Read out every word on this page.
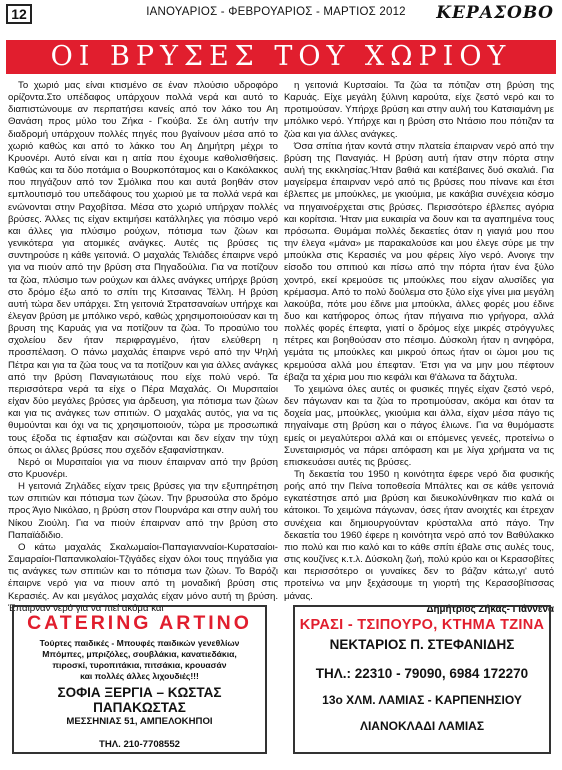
12	ΙΑΝΟΥΑΡΙΟΣ - ΦΕΒΡΟΥΑΡΙΟΣ - ΜΑΡΤΙΟΣ 2012	ΚΕΡΑΣΟΒΟ
ΟΙ ΒΡΥΣΕΣ ΤΟΥ ΧΩΡΙΟΥ ΜΑΣ

Το χωριό μας είναι κτισμένο σε έναν πλούσιο υδροφόρο ορίζοντα.Στο υπέδαφος υπάρχουν πολλά νερά και αυτό το διαπιστώνουμε αν περπατήσει κανείς από τον λάκο του Αη Θανάση προς μύλο του Ζήκα - Γκούβα. Σε όλη αυτήν την διαδρομή υπάρχουν πολλές πηγές που βγαίνουν μέσα από το χωριό καθώς και από το λάκκο του Αη Δημήτρη μέχρι το Κρυονέρι. Αυτό είναι και η αιτία που έχουμε καθολισθήσεις. Καθώς και τα δύο ποτάμια ο Βουρκοπόταμος και ο Κακόλακκος που πηγάζουν από τον Σμόλικα που και αυτά βοηθάν στον εμπλουτισμό του υπεδάφους του χωριού με τα πολλά νερά και ενώνονται στην Ραχοβίτσα. Μέσα στο χωριό υπήρχαν πολλές βρύσες. Άλλες τις είχαν εκτιμήσει κατάλληλες για πόσιμο νερό και άλλες για πλύσιμο ρούχων, πότισμα των ζώων και γενικότερα για ατομικές ανάγκες. Αυτές τις βρύσες τις συντηρούσε η κάθε γειτονιά. Ο μαχαλάς Τελιάδες έπαιρνε νερό για να πιούν από την βρύση στα Πηγαδούλια. Για να ποτίζουν τα ζώα, πλύσιμο των ρούχων και άλλες ανάγκες υπήρχε βρύση στο δρόμο έξω από το σπίτι της Κιτσαινας Τέλλη. Η βρύση αυτή τώρα δεν υπάρχει. Στη γειτονιά Στρατσαναίων υπήρχε και έλεγαν βρύση με μπόλικο νερό, καθώς χρησιμοποιούσαν και τη βρυση της Καρυάς για να ποτίζουν τα ζώα. Το προαύλιο του σχολείου δεν ήταν περιφραγμένο, ήταν ελεύθερη η προσπέλαση. Ο πάνω μαχαλάς έπαιρνε νερό από την Ψηλή Πέτρα και για τα ζώα τους να τα ποτίζουν και για άλλες ανάγκες από την βρύση Παναγιωτάιους που είχε πολύ νερό. Τα περισσότερα νερά τα είχε ο Πέρα Μαχαλάς. Οι Μυρσιταίοι είχαν δύο μεγάλες βρύσες για άρδευση, για πότισμα των ζώων και για τις ανάγκες των σπιτιών. Ο μαχαλάς αυτός, για να τις θυμούνται και όχι να τις χρησιμοποιούν, τώρα με προσωπικά τους έξοδα τις έφτιαξαν και σώζονται και δεν είχαν την τύχη όπως οι άλλες βρύσες που σχεδόν εξαφανίστηκαν.

Νερό οι Μυρσιταίοι για να πιουν έπαιρναν από την βρύση στο Κρυονέρι.

Η γειτονιά Ζηλάδες είχαν τρεις βρύσες για την εξυπηρέτηση των σπιτιών και πότισμα των ζώων. Την βρυσούλα στο δρόμο προς Άγιο Νικόλαο, η βρύση στον Πουρνάρα και στην αυλή του Νίκου Ζιούλη. Για να πιούν έπαιρναν από την βρύση στο Παπαϊάδιδιο.

Ο κάτω μαχαλάς Σκαλωμαίοι-Παπαγιανναίοι-Κυρατσαίοι-Σαμαραίοι-Παπανικολαίοι-Τζιγάδες είχαν όλοι τους πηγάδια για τις ανάγκες των σπιτιών και το πότισμα των ζώων. Το Βαρόζι έπαιρνε νερό για να πιουν από τη μοναδική βρύση στις Κερασιές. Αν και μεγάλος μαχαλάς είχαν μόνο αυτή τη βρύση. Έπαιρναν νερό για να πιεί ακόμα και

η γειτονιά Κυρτσαίοι. Τα ζώα τα πότιζαν στη βρύση της Καρυάς. Είχε μεγάλη ξύλινη καρούτα, είχε ζεστό νερό και το προτιμούσαν. Υπήρχε βρύση και στην αυλή του Κατσιαμάνη με μπόλικο νερό. Υπήρχε και η βρύση στο Ντάσιο που πότιζαν τα ζώα και για άλλες ανάγκες.

Όσα σπίτια ήταν κοντά στην πλατεία έπαιρναν νερό από την βρύση της Παναγιάς. Η βρύση αυτή ήταν στην πόρτα στην αυλή της εκκλησίας.Ήταν βαθιά και κατέβαινες δυό σκαλιά. Για μαγείρεμα έπαιρναν νερό από τις βρύσες που πίνανε και έτσι έβλεπες με μπούκλες, με γκιούμια, με κακάβια συνέχεια κόσμο να πηγαινοέρχεται στις βρύσες. Περισσότερο έβλεπες αγόρια και κορίτσια. Ήταν μια ευκαιρία να δουν και τα αγαπημένα τους πρόσωπα. Θυμάμαι πολλές δεκαετίες όταν η γιαγιά μου που την έλεγα «μάνα» με παρακαλούσε και μου έλεγε σύρε με την μπούκλα στις Κερασιές να μου φέρεις λίγο νερό. Ανοιγε την είσοδο του σπιτιού και πίσω από την πόρτα ήταν ένα ξύλο χοντρό, εκεί κρεμούσε τις μπούκλες που είχαν αλυσίδες για κρέμασμα. Από το πολύ δούλεμα στο ξύλο είχε γίνει μια μεγάλη λακούβα, πότε μου έδινε μια μπούκλα, άλλες φορές μου έδινε δυο και κατήφορος όπως ήταν πήγαινα πιο γρήγορα, αλλά πολλές φορές έπεφτα, γιατί ο δρόμος είχε μικρές στρόγγυλες πέτρες και βοηθούσαν στο πέσιμο. Δύσκολη ήταν η ανηφόρα, γεμάτα τις μπούκλες και μικρού όπως ήταν οι ώμοι μου τις κρεμούσα αλλά μου έπεφταν. Έτσι για να μην μου πέφτουν έβαζα τα χέρια μου πιο κεφάλι και θ'άλωνα τα δάχτυλα.

Το χειμώνα όλες αυτές οι φυσικές πηγές είχαν ζεστό νερό, δεν πάγωναν και τα ζώα το προτιμούσαν, ακόμα και όταν τα δοχεία μας, μπούκλες, γκιούμια και άλλα, είχαν μέσα πάγο τις πηγαίναμε στη βρύση και ο πάγος έλιωνε. Για να θυμόμαστε εμείς οι μεγαλύτεροι αλλά και οι επόμενες γενεές, προτείνω ο Συνεταιρισμός να πάρει απόφαση και με λίγα χρήματα να τις επισκευάσει αυτές τις βρύσες.

Τη δεκαετία του 1950 η κοινότητα έφερε νερό δια φυσικής ροής από την Πείνα τοποθεσία Μπάλτες και σε κάθε γειτονιά εγκατέστησε από μια βρύση και διευκολύνθηκαν πιο καλά οι κάτοικοι. Το χειμώνα πάγωναν, όσες ήταν ανοιχτές και έτρεχαν συνέχεια και δημιουργούνταν κρύσταλλα από πάγο. Την δεκαετία του 1960 έφερε η κοινότητα νερό από τον Βαθύλακκο πιο πολύ και πιο καλό και το κάθε σπίτι έβαλε στις αυλές τους, στις κουζίνες κ.τ.λ. Δύσκολη ζωή, πολύ κρύο και οι Κερασοβίτες και περισσότερο οι γυναίκες δεν το βάζαν κάτω,γι' αυτό προτείνω να μην ξεχάσουμε τη γιορτή της Κερασοβίτισσας μάνας.

Δημήτριος Ζήκας- Γιάννενα
CATERING ARTINO
Τούρτες παιδικές - Μπουφές παιδικών γενεθλίων
Μπόμπες, μπριζόλες, σουβλάκια, κανατιεδάκια,
πιροσκί, τυροπιτάκια, πιτσάκια, κρουασάν
και πολλές άλλες λιχουδιές!!!
ΣΟΦΙΑ ΞΕΡΓΙΑ – ΚΩΣΤΑΣ ΠΑΠΑΚΩΣΤΑΣ
ΜΕΣΣΗΝΙΑΣ 51, ΑΜΠΕΛΟΚΗΠΟΙ
ΤΗΛ. 210-7708552
ΚΡΑΣΙ - ΤΣΙΠΟΥΡΟ, ΚΤΗΜΑ ΤΖΙΝΑ
ΝΕΚΤΑΡΙΟΣ Π. ΣΤΕΦΑΝΙΔΗΣ
ΤΗΛ.: 22310 - 79090, 6984 172270
13ο ΧΛΜ. ΛΑΜΙΑΣ - ΚΑΡΠΕΝΗΣΙΟΥ
ΛΙΑΝΟΚΛΑΔΙ ΛΑΜΙΑΣ
